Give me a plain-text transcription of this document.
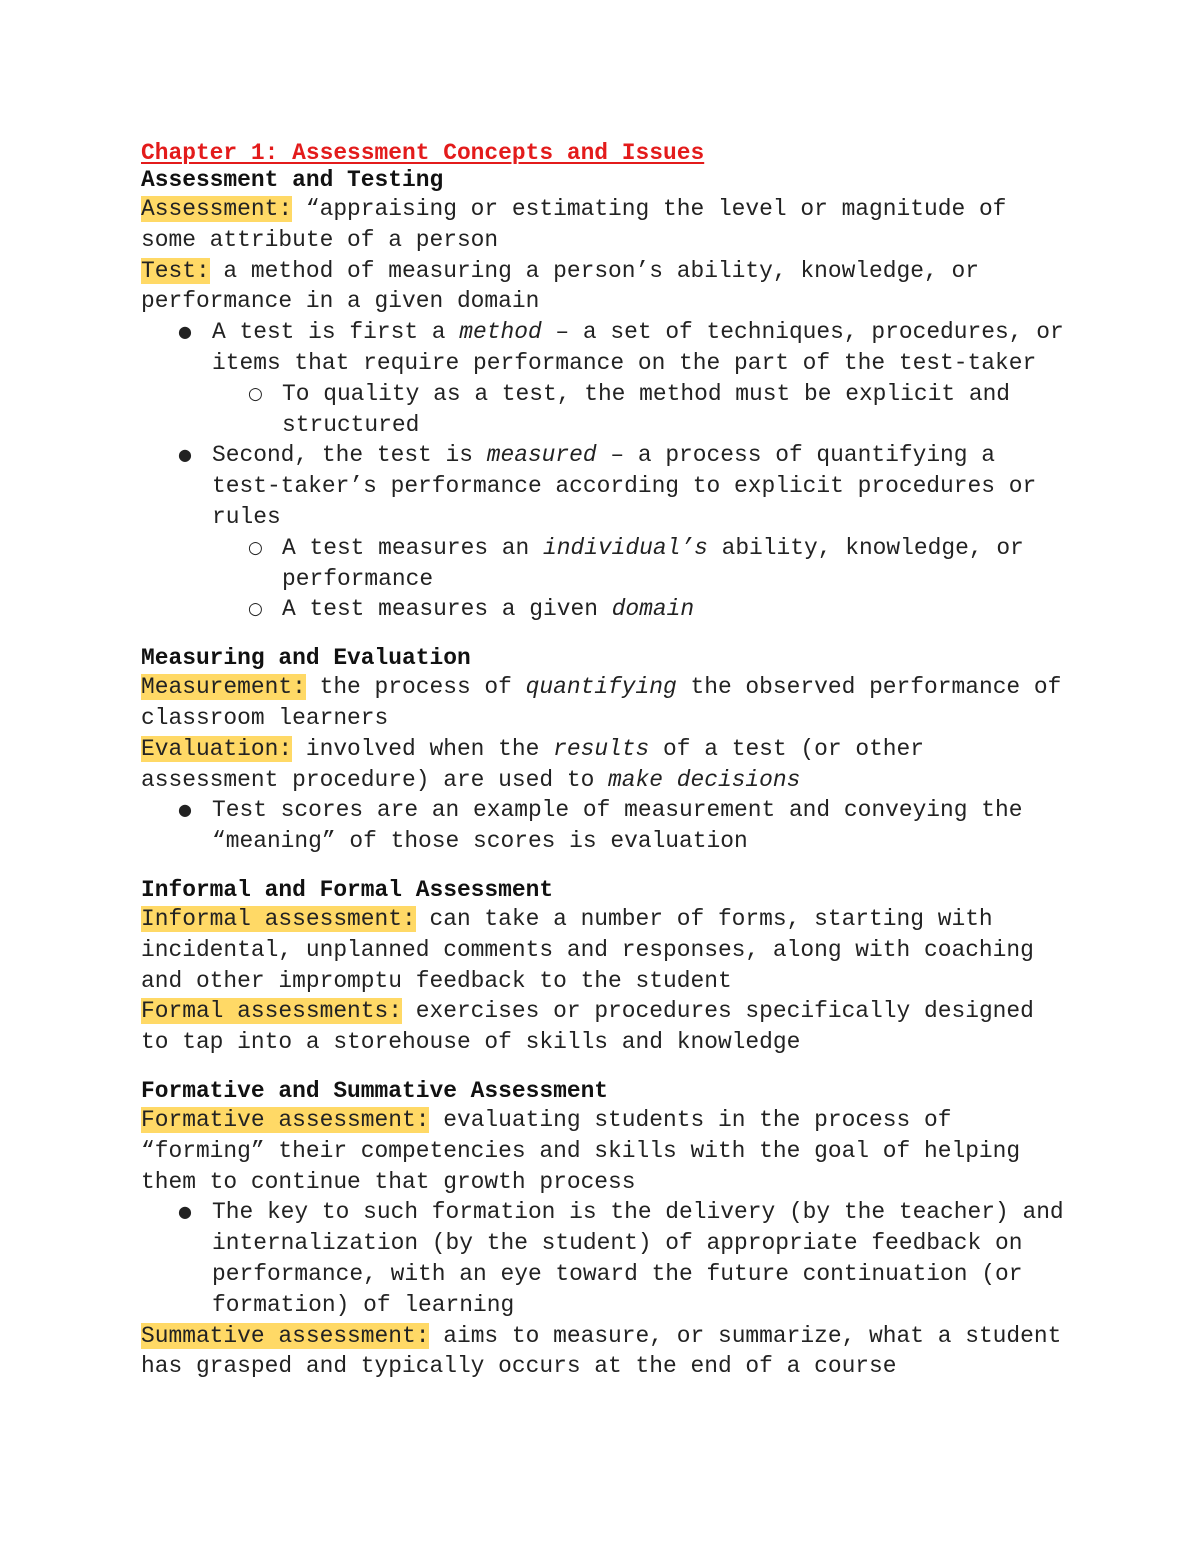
Chapter 1: Assessment Concepts and Issues
Assessment and Testing

Assessment: “appraising or estimating the level or magnitude of some attribute of a person

Test: a method of measuring a person’s ability, knowledge, or performance in a given domain

● A test is first a method – a set of techniques, procedures, or items that require performance on the part of the test-taker
○ To quality as a test, the method must be explicit and structured
● Second, the test is measured – a process of quantifying a test-taker’s performance according to explicit procedures or rules
○ A test measures an individual’s ability, knowledge, or performance
○ A test measures a given domain
Measuring and Evaluation

Measurement: the process of quantifying the observed performance of classroom learners

Evaluation: involved when the results of a test (or other assessment procedure) are used to make decisions

● Test scores are an example of measurement and conveying the “meaning” of those scores is evaluation
Informal and Formal Assessment

Informal assessment: can take a number of forms, starting with incidental, unplanned comments and responses, along with coaching and other impromptu feedback to the student

Formal assessments: exercises or procedures specifically designed to tap into a storehouse of skills and knowledge

Formative and Summative Assessment

Formative assessment: evaluating students in the process of “forming” their competencies and skills with the goal of helping them to continue that growth process

● The key to such formation is the delivery (by the teacher) and internalization (by the student) of appropriate feedback on performance, with an eye toward the future continuation (or formation) of learning

Summative assessment: aims to measure, or summarize, what a student has grasped and typically occurs at the end of a course
